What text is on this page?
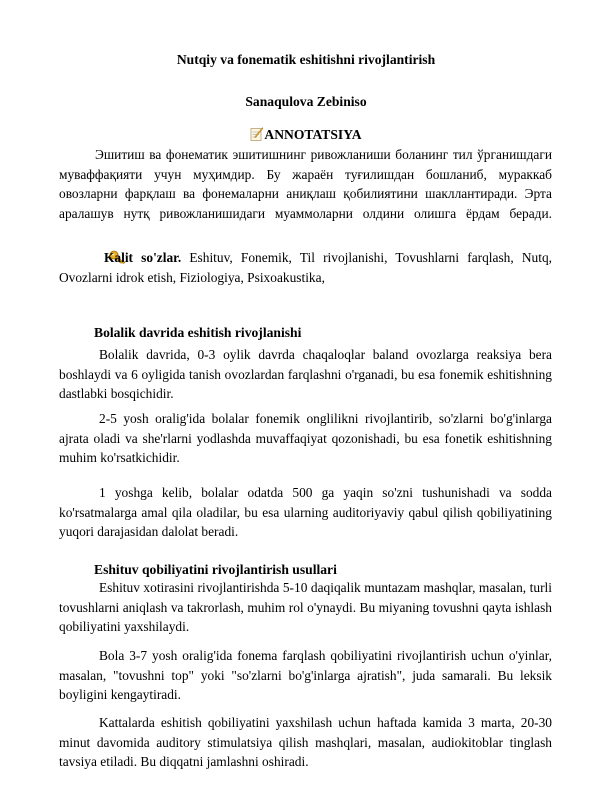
Nutqiy va fonematik eshitishni rivojlantirish
Sanaqulova Zebiniso
ANNOTATSIYA

Эшитиш ва фонематик эшитишнинг ривожланиши боланинг тил ўрганишдаги муваффақияти учун муҳимдир. Бу жараён туғилишдан бошланиб, мураккаб овозларни фарқлаш ва фонемаларни аниқлаш қобилиятини шакллантиради. Эрта аралашув нутқ ривожланишидаги муаммоларни олдини олишга ёрдам беради.

Kalit so'zlar. Eshituv, Fonemik, Til rivojlanishi, Tovushlarni farqlash, Nutq, Ovozlarni idrok etish, Fiziologiya, Psixoakustika,

Bolalik davrida eshitish rivojlanishi

Bolalik davrida, 0-3 oylik davrda chaqaloqlar baland ovozlarga reaksiya bera boshlaydi va 6 oyligida tanish ovozlardan farqlashni o'rganadi, bu esa fonemik eshitishning dastlabki bosqichidir.

2-5 yosh oralig'ida bolalar fonemik onglilikni rivojlantirib, so'zlarni bo'g'inlarga ajrata oladi va she'rlarni yodlashda muvaffaqiyat qozonishadi, bu esa fonetik eshitishning muhim ko'rsatkichidir.

1 yoshga kelib, bolalar odatda 500 ga yaqin so'zni tushunishadi va sodda ko'rsatmalarga amal qila oladilar, bu esa ularning auditoriyaviy qabul qilish qobiliyatining yuqori darajasidan dalolat beradi.

Eshituv qobiliyatini rivojlantirish usullari

Eshituv xotirasini rivojlantirishda 5-10 daqiqalik muntazam mashqlar, masalan, turli tovushlarni aniqlash va takrorlash, muhim rol o'ynaydi. Bu miyaning tovushni qayta ishlash qobiliyatini yaxshilaydi.

Bola 3-7 yosh oralig'ida fonema farqlash qobiliyatini rivojlantirish uchun o'yinlar, masalan, "tovushni top" yoki "so'zlarni bo'g'inlarga ajratish", juda samarali. Bu leksik boyligini kengaytiradi.

Kattalarda eshitish qobiliyatini yaxshilash uchun haftada kamida 3 marta, 20-30 minut davomida auditory stimulatsiya qilish mashqlari, masalan, audiokitoblar tinglash tavsiya etiladi. Bu diqqatni jamlashni oshiradi.
